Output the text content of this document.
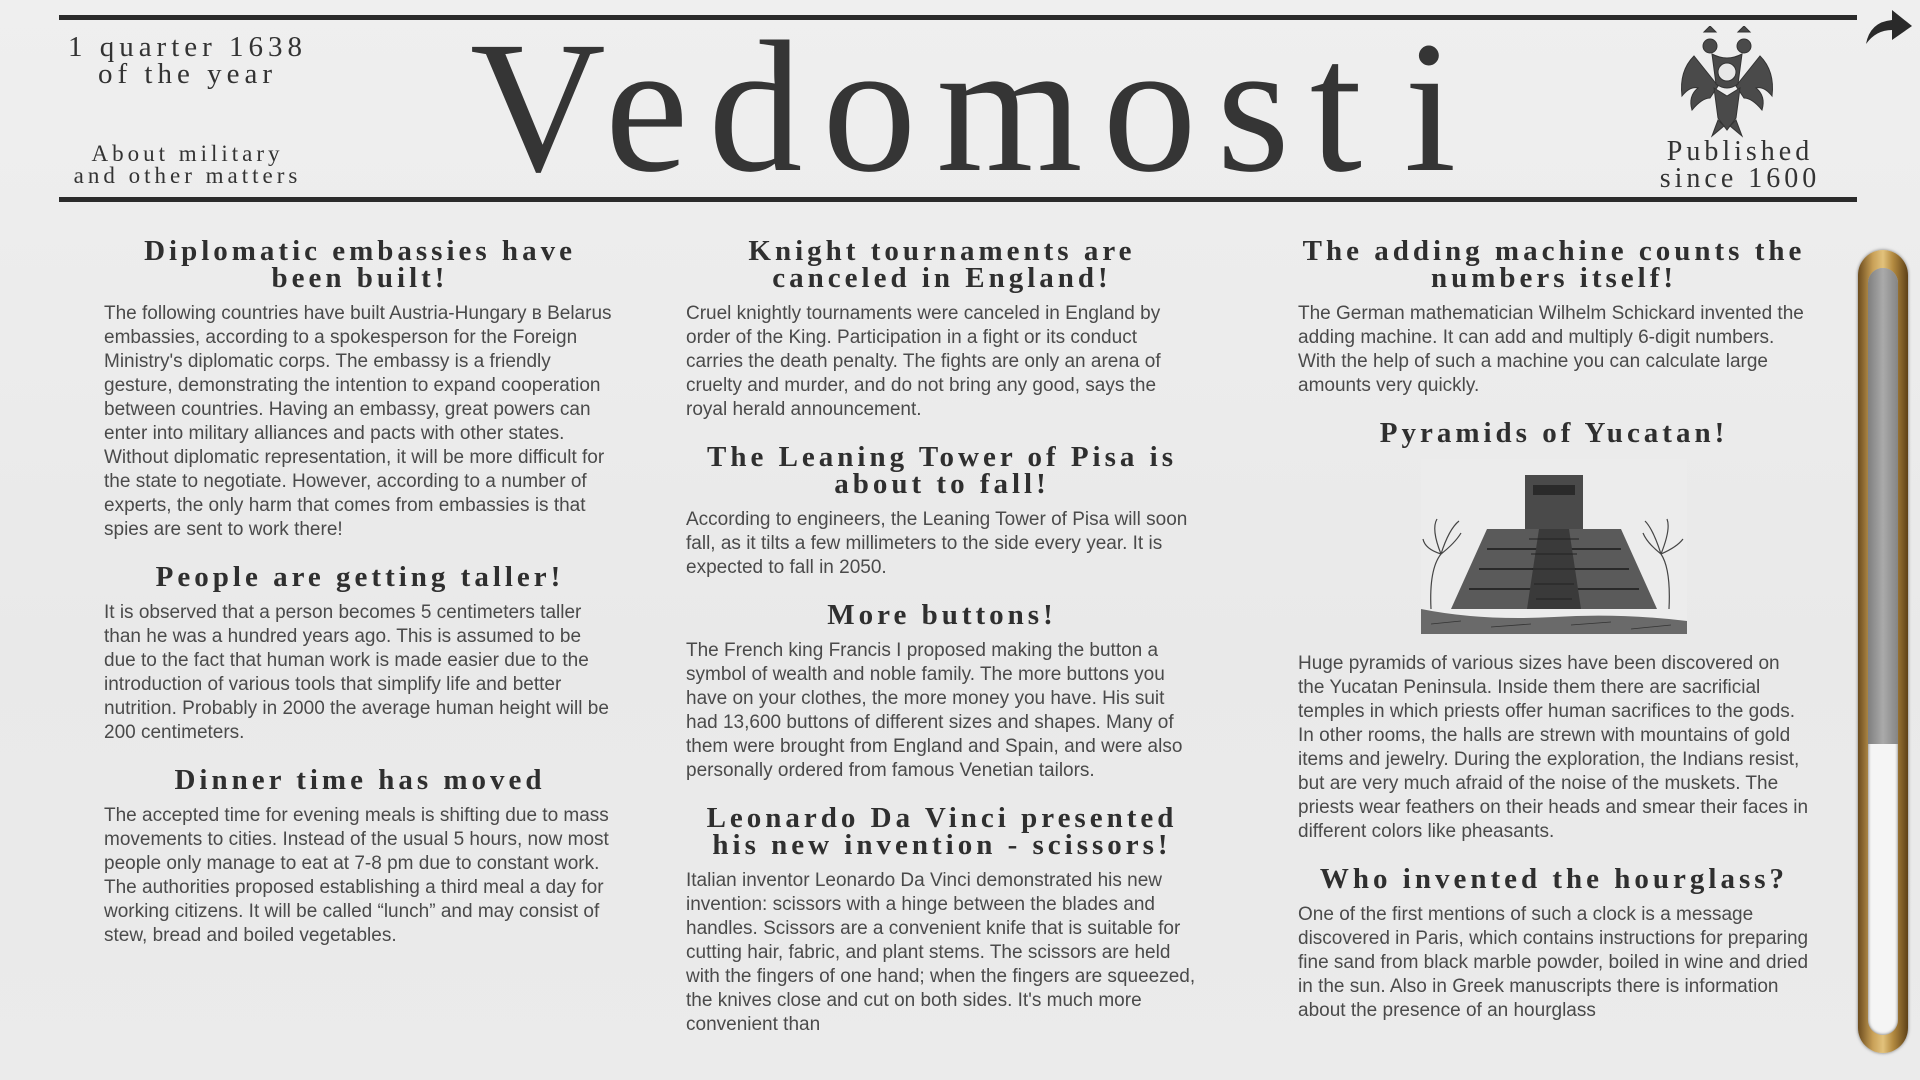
1 quarter 1638
of the year
About military
and other matters Vedomosti	Published
since 1600
Diplomatic embassies have been built!

The following countries have built Austria-Hungary в Belarus embassies, according to a spokesperson for the Foreign Ministry's diplomatic corps. The embassy is a friendly gesture, demonstrating the intention to expand cooperation between countries. Having an embassy, great powers can enter into military alliances and pacts with other states. Without diplomatic representation, it will be more difficult for the state to negotiate. However, according to a number of experts, the only harm that comes from embassies is that spies are sent to work there!

People are getting taller!

It is observed that a person becomes 5 centimeters taller than he was a hundred years ago. This is assumed to be due to the fact that human work is made easier due to the introduction of various tools that simplify life and better nutrition. Probably in 2000 the average human height will be 200 centimeters.

Dinner time has moved

The accepted time for evening meals is shifting due to mass movements to cities. Instead of the usual 5 hours, now most people only manage to eat at 7-8 pm due to constant work. The authorities proposed establishing a third meal a day for working citizens. It will be called “lunch” and may consist of stew, bread and boiled vegetables.

Knight tournaments are canceled in England!

Cruel knightly tournaments were canceled in England by order of the King. Participation in a fight or its conduct carries the death penalty. The fights are only an arena of cruelty and murder, and do not bring any good, says the royal herald announcement.

The Leaning Tower of Pisa is about to fall!

According to engineers, the Leaning Tower of Pisa will soon fall, as it tilts a few millimeters to the side every year. It is expected to fall in 2050.

More buttons!

The French king Francis I proposed making the button a symbol of wealth and noble family. The more buttons you have on your clothes, the more money you have. His suit had 13,600 buttons of different sizes and shapes. Many of them were brought from England and Spain, and were also personally ordered from famous Venetian tailors.

Leonardo Da Vinci presented his new invention - scissors!

Italian inventor Leonardo Da Vinci demonstrated his new invention: scissors with a hinge between the blades and handles. Scissors are a convenient knife that is suitable for cutting hair, fabric, and plant stems. The scissors are held with the fingers of one hand; when the fingers are squeezed, the knives close and cut on both sides. It's much more convenient than

The adding machine counts the numbers itself!

The German mathematician Wilhelm Schickard invented the adding machine. It can add and multiply 6-digit numbers. With the help of such a machine you can calculate large amounts very quickly.

Pyramids of Yucatan!

Huge pyramids of various sizes have been discovered on the Yucatan Peninsula. Inside them there are sacrificial temples in which priests offer human sacrifices to the gods. In other rooms, the halls are strewn with mountains of gold items and jewelry. During the exploration, the Indians resist, but are very much afraid of the noise of the muskets. The priests wear feathers on their heads and smear their faces in different colors like pheasants.

Who invented the hourglass?

One of the first mentions of such a clock is a message discovered in Paris, which contains instructions for preparing fine sand from black marble powder, boiled in wine and dried in the sun. Also in Greek manuscripts there is information about the presence of an hourglass
